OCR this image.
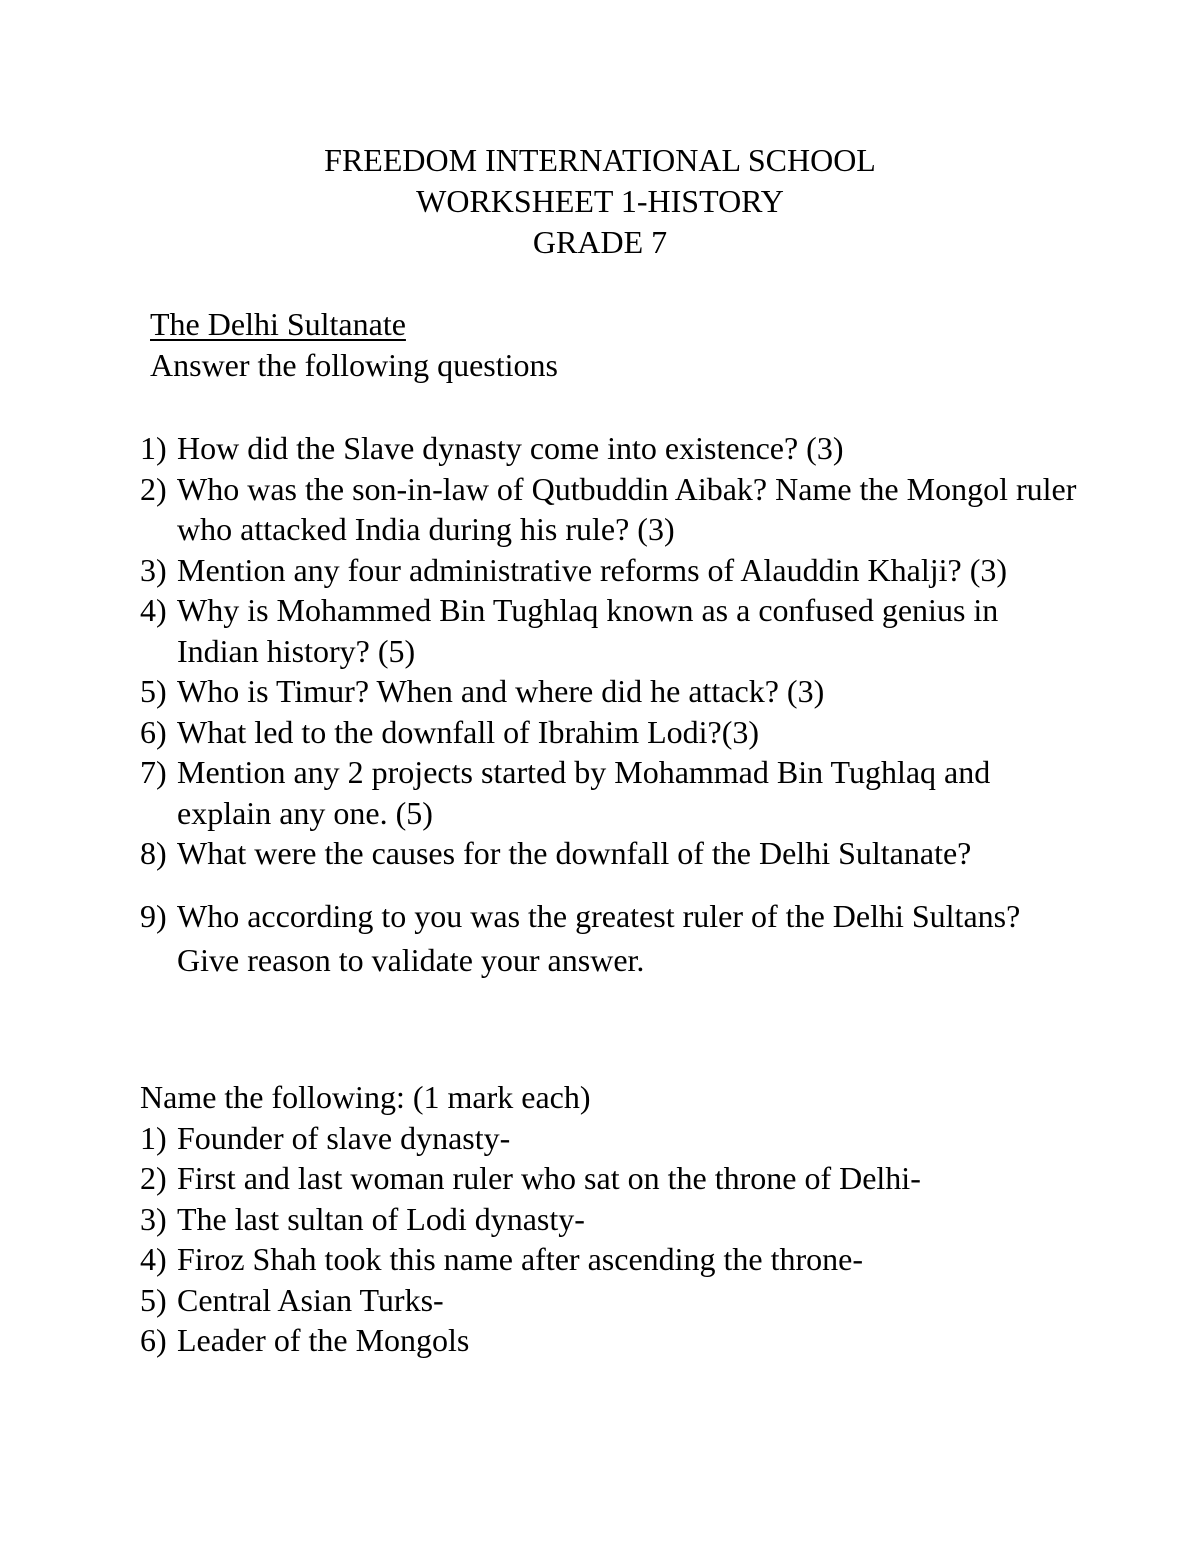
FREEDOM INTERNATIONAL SCHOOL
WORKSHEET 1-HISTORY
GRADE 7
The Delhi Sultanate
Answer the following questions
1) How did the Slave dynasty come into existence? (3)
2) Who was the son-in-law of Qutbuddin Aibak? Name the Mongol ruler who attacked India during his rule? (3)
3) Mention any four administrative reforms of Alauddin Khalji? (3)
4) Why is Mohammed Bin Tughlaq known as a confused genius in Indian history? (5)
5) Who is Timur? When and where did he attack? (3)
6) What led to the downfall of Ibrahim Lodi?(3)
7) Mention any 2 projects started by Mohammad Bin Tughlaq and explain any one. (5)
8) What were the causes for the downfall of the Delhi Sultanate?
9) Who according to you was the greatest ruler of the Delhi Sultans? Give reason to validate your answer.
Name the following: (1 mark each)
1) Founder of slave dynasty-
2) First and last woman ruler who sat on the throne of Delhi-
3) The last sultan of Lodi dynasty-
4) Firoz Shah took this name after ascending the throne-
5) Central Asian Turks-
6) Leader of the Mongols
